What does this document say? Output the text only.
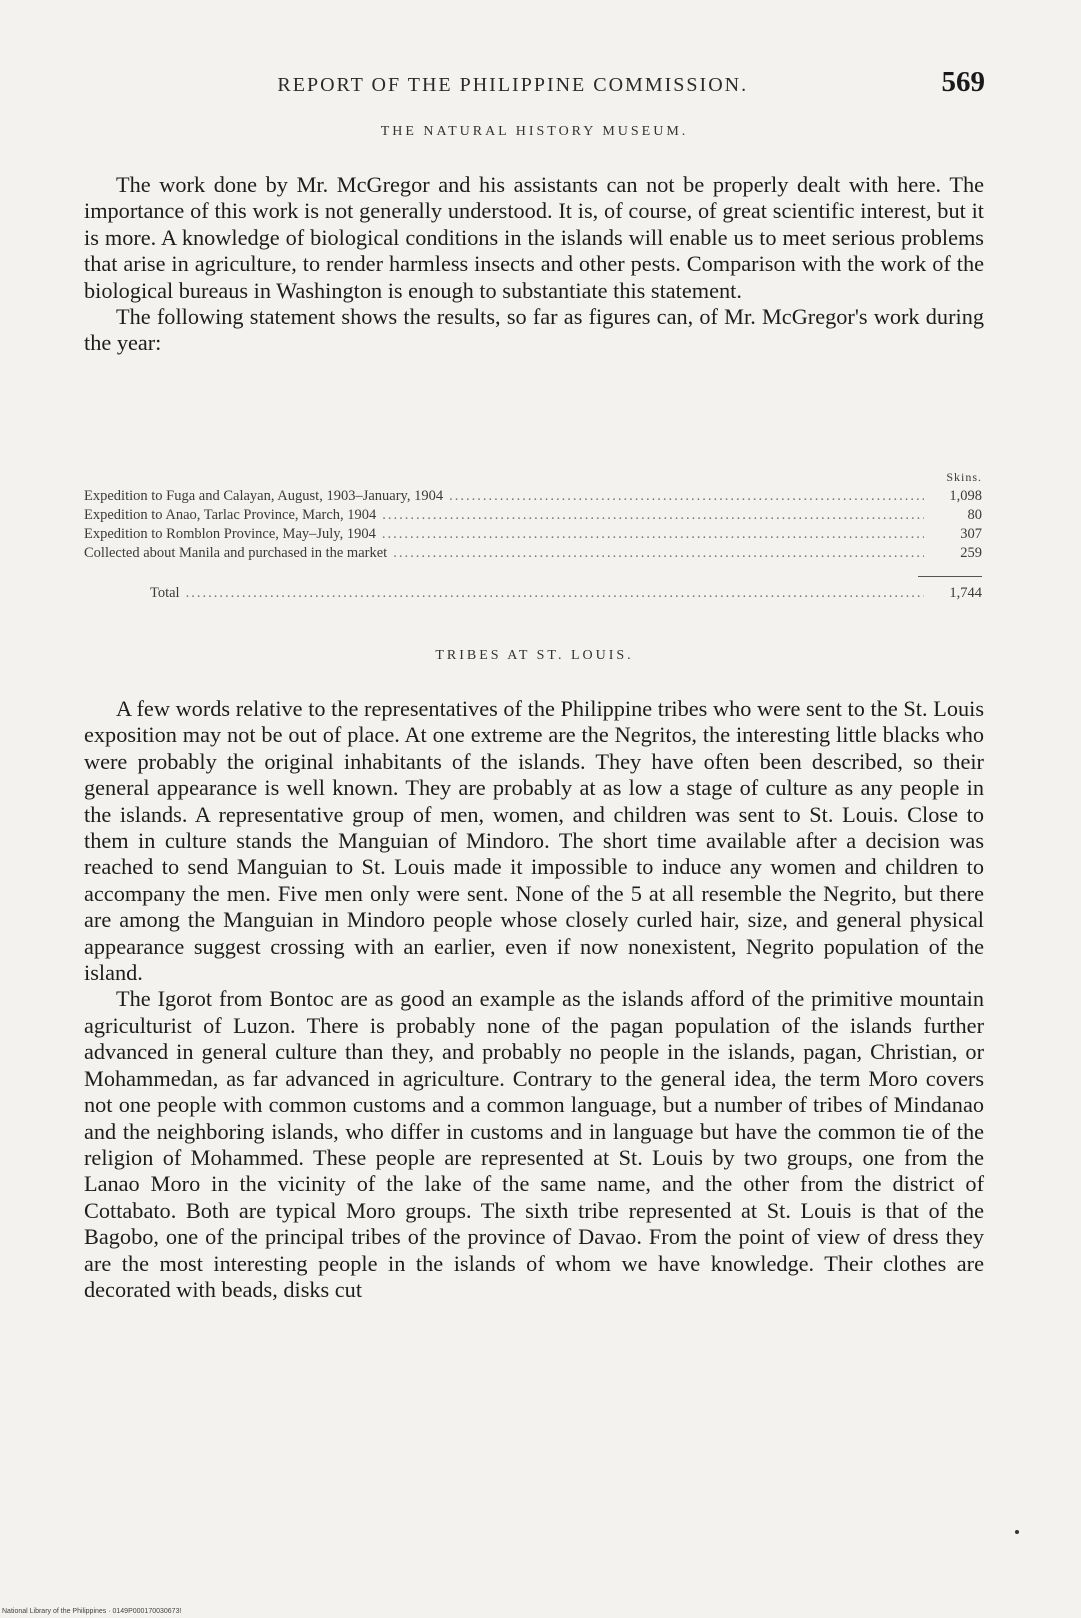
REPORT OF THE PHILIPPINE COMMISSION.	569
THE NATURAL HISTORY MUSEUM.

The work done by Mr. McGregor and his assistants can not be properly dealt with here. The importance of this work is not generally understood. It is, of course, of great scientific interest, but it is more. A knowledge of biological conditions in the islands will enable us to meet serious problems that arise in agriculture, to render harmless insects and other pests. Comparison with the work of the biological bureaus in Washington is enough to substantiate this statement.

The following statement shows the results, so far as figures can, of Mr. McGregor's work during the year:

Skins.
Expedition to Fuga and Calayan, August, 1903–January, 1904 .....	1,098
Expedition to Anao, Tarlac Province, March, 1904 .....	80
Expedition to Romblon Province, May–July, 1904 .....	307
Collected about Manila and purchased in the market .....	259
Total .....	1,744
TRIBES AT ST. LOUIS.

A few words relative to the representatives of the Philippine tribes who were sent to the St. Louis exposition may not be out of place. At one extreme are the Negritos, the interesting little blacks who were probably the original inhabitants of the islands. They have often been described, so their general appearance is well known. They are probably at as low a stage of culture as any people in the islands. A representative group of men, women, and children was sent to St. Louis. Close to them in culture stands the Manguian of Mindoro. The short time available after a decision was reached to send Manguian to St. Louis made it impossible to induce any women and children to accompany the men. Five men only were sent. None of the 5 at all resemble the Negrito, but there are among the Manguian in Mindoro people whose closely curled hair, size, and general physical appearance suggest crossing with an earlier, even if now nonexistent, Negrito population of the island.

The Igorot from Bontoc are as good an example as the islands afford of the primitive mountain agriculturist of Luzon. There is probably none of the pagan population of the islands further advanced in general culture than they, and probably no people in the islands, pagan, Christian, or Mohammedan, as far advanced in agriculture. Contrary to the general idea, the term Moro covers not one people with common customs and a common language, but a number of tribes of Mindanao and the neighboring islands, who differ in customs and in language but have the common tie of the religion of Mohammed. These people are represented at St. Louis by two groups, one from the Lanao Moro in the vicinity of the lake of the same name, and the other from the district of Cottabato. Both are typical Moro groups. The sixth tribe represented at St. Louis is that of the Bagobo, one of the principal tribes of the province of Davao. From the point of view of dress they are the most interesting people in the islands of whom we have knowledge. Their clothes are decorated with beads, disks cut

National Library of the Philippines · 0149P000170030673!
